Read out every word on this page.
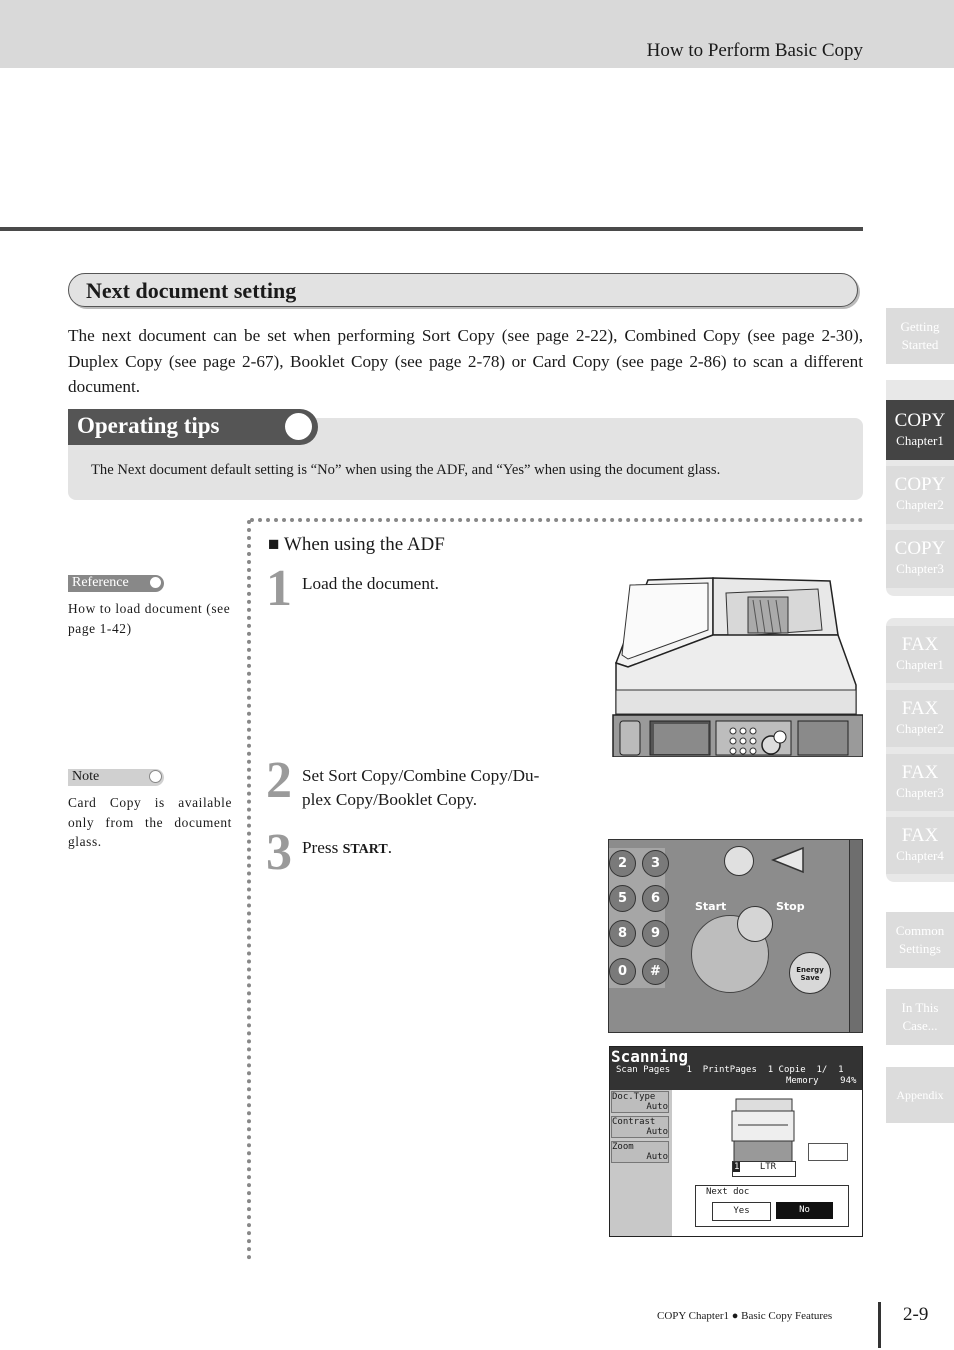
How to Perform Basic Copy
Next document setting
The next document can be set when performing Sort Copy (see page 2-22), Combined Copy (see page 2-30), Duplex Copy (see page 2-67), Booklet Copy (see page 2-78) or Card Copy (see page 2-86) to scan a different document.
Operating tips
The Next document default setting is “No” when using the ADF, and “Yes” when using the document glass.
Reference
How to load document (see page 1-42)
Note
Card Copy is available only from the document glass.
■ When using the ADF
1 Load the document.
2 Set Sort Copy/Combine Copy/Du-
plex Copy/Booklet Copy.
3 Press START.
2	3
5	6
8	9
0	#
Start	Stop
Energy Save
Scanning
Scan Pages   1  PrintPages  1 Copie  1/  1
Memory    94%
Doc.Type
Auto
Contrast
Auto
Zoom
Auto
1 LTR
Next doc
Yes	No
Getting
Started
COPY
Chapter1
COPY
Chapter2
COPY
Chapter3
FAX
Chapter1
FAX
Chapter2
FAX
Chapter3
FAX
Chapter4
Common
Settings
In This
Case...
Appendix
COPY Chapter1 ● Basic Copy Features	2-9
